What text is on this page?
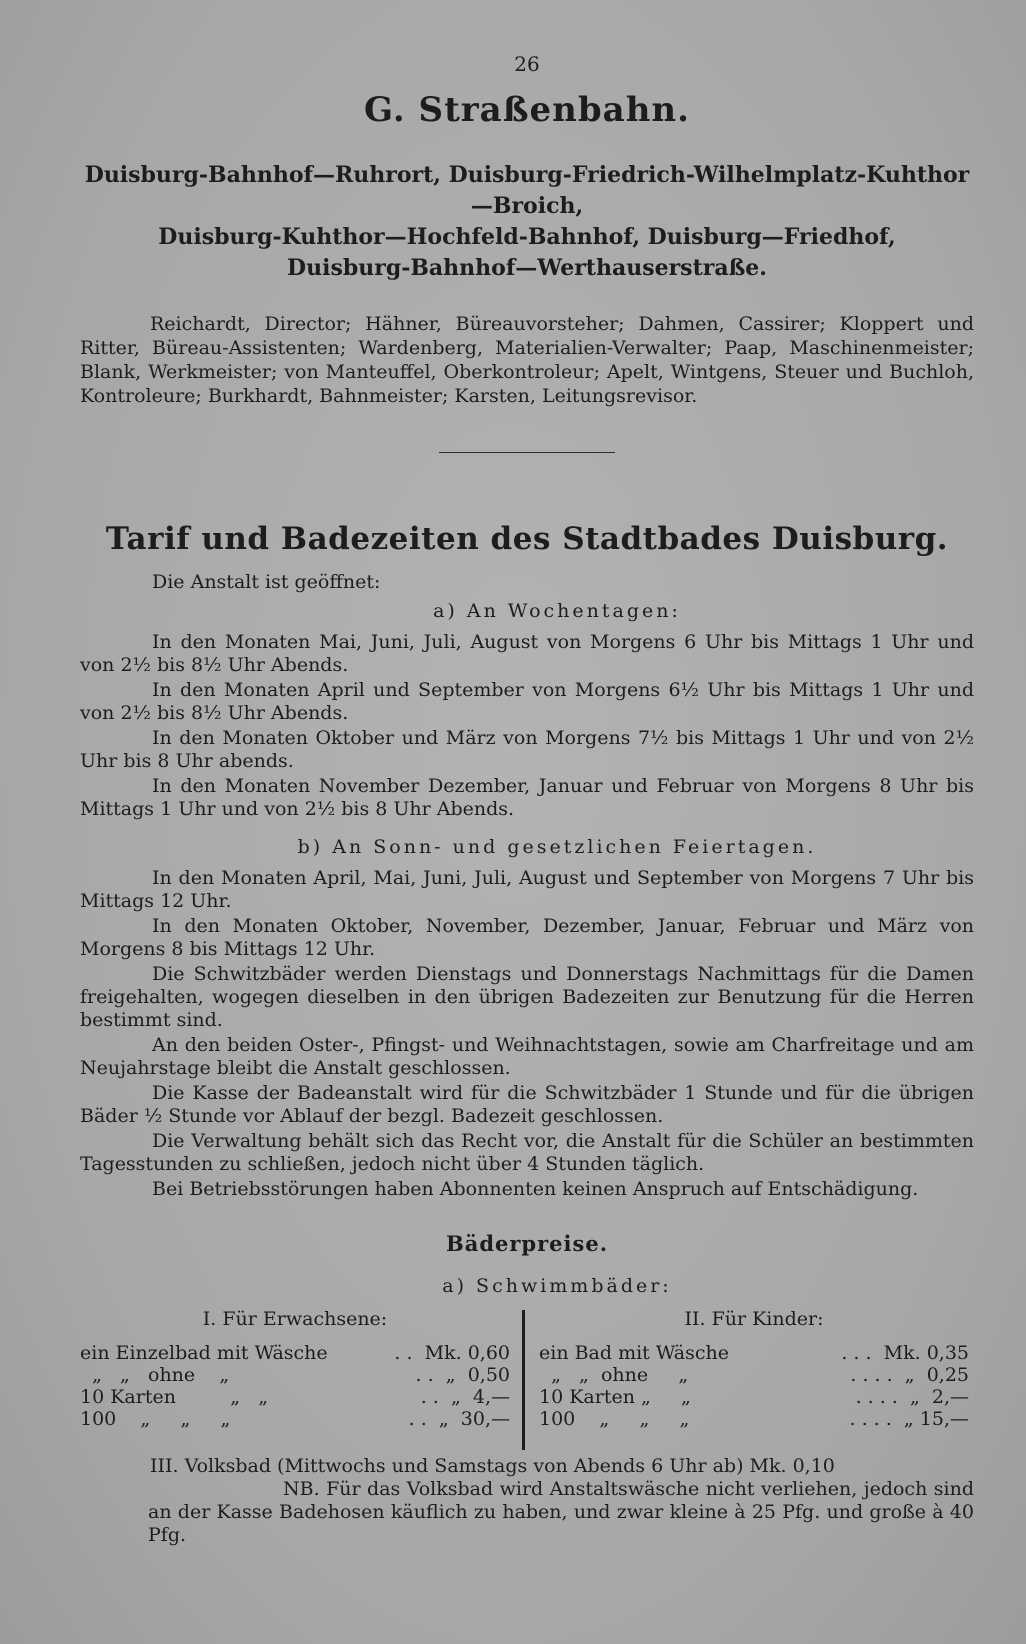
26
G. Straßenbahn.
Duisburg-Bahnhof—Ruhrort, Duisburg-Friedrich-Wilhelmplatz-Kuhthor—Broich,
Duisburg-Kuhthor—Hochfeld-Bahnhof, Duisburg—Friedhof,
Duisburg-Bahnhof—Werthauserstraße.

Reichardt, Director; Hähner, Büreauvorsteher; Dahmen, Cassirer; Kloppert und Ritter, Büreau-Assistenten; Wardenberg, Materialien-Verwalter; Paap, Maschinenmeister; Blank, Werkmeister; von Manteuffel, Oberkontroleur; Apelt, Wintgens, Steuer und Buchloh, Kontroleure; Burkhardt, Bahnmeister; Karsten, Leitungsrevisor.

Tarif und Badezeiten des Stadtbades Duisburg.
Die Anstalt ist geöffnet:
a) An Wochentagen:

In den Monaten Mai, Juni, Juli, August von Morgens 6 Uhr bis Mittags 1 Uhr und von 2½ bis 8½ Uhr Abends.

In den Monaten April und September von Morgens 6½ Uhr bis Mittags 1 Uhr und von 2½ bis 8½ Uhr Abends.

In den Monaten Oktober und März von Morgens 7½ bis Mittags 1 Uhr und von 2½ Uhr bis 8 Uhr abends.

In den Monaten November Dezember, Januar und Februar von Morgens 8 Uhr bis Mittags 1 Uhr und von 2½ bis 8 Uhr Abends.

b) An Sonn- und gesetzlichen Feiertagen.

In den Monaten April, Mai, Juni, Juli, August und September von Morgens 7 Uhr bis Mittags 12 Uhr.

In den Monaten Oktober, November, Dezember, Januar, Februar und März von Morgens 8 bis Mittags 12 Uhr.

Die Schwitzbäder werden Dienstags und Donnerstags Nachmittags für die Damen freigehalten, wogegen dieselben in den übrigen Badezeiten zur Benutzung für die Herren bestimmt sind.

An den beiden Oster-, Pfingst- und Weihnachtstagen, sowie am Charfreitage und am Neujahrstage bleibt die Anstalt geschlossen.

Die Kasse der Badeanstalt wird für die Schwitzbäder 1 Stunde und für die übrigen Bäder ½ Stunde vor Ablauf der bezgl. Badezeit geschlossen.

Die Verwaltung behält sich das Recht vor, die Anstalt für die Schüler an bestimmten Tagesstunden zu schließen, jedoch nicht über 4 Stunden täglich.

Bei Betriebsstörungen haben Abonnenten keinen Anspruch auf Entschädigung.

Bäderpreise.
a) Schwimmbäder:
I. Für Erwachsene:
ein Einzelbad mit Wäsche	. . Mk. 0,60
„   „   ohne    „	. . „  0,50
10 Karten         „   „	. . „  4,—
100    „     „     „	. . „  30,—
II. Für Kinder:
ein Bad mit Wäsche	. . . Mk. 0,35
„   „  ohne     „	. . . . „  0,25
10 Karten „     „	. . . . „  2,—
100    „     „     „	. . . . „ 15,—
III. Volksbad (Mittwochs und Samstags von Abends 6 Uhr ab) Mk. 0,10

NB. Für das Volksbad wird Anstaltswäsche nicht verliehen, jedoch sind an der Kasse Badehosen käuflich zu haben, und zwar kleine à 25 Pfg. und große à 40 Pfg.
